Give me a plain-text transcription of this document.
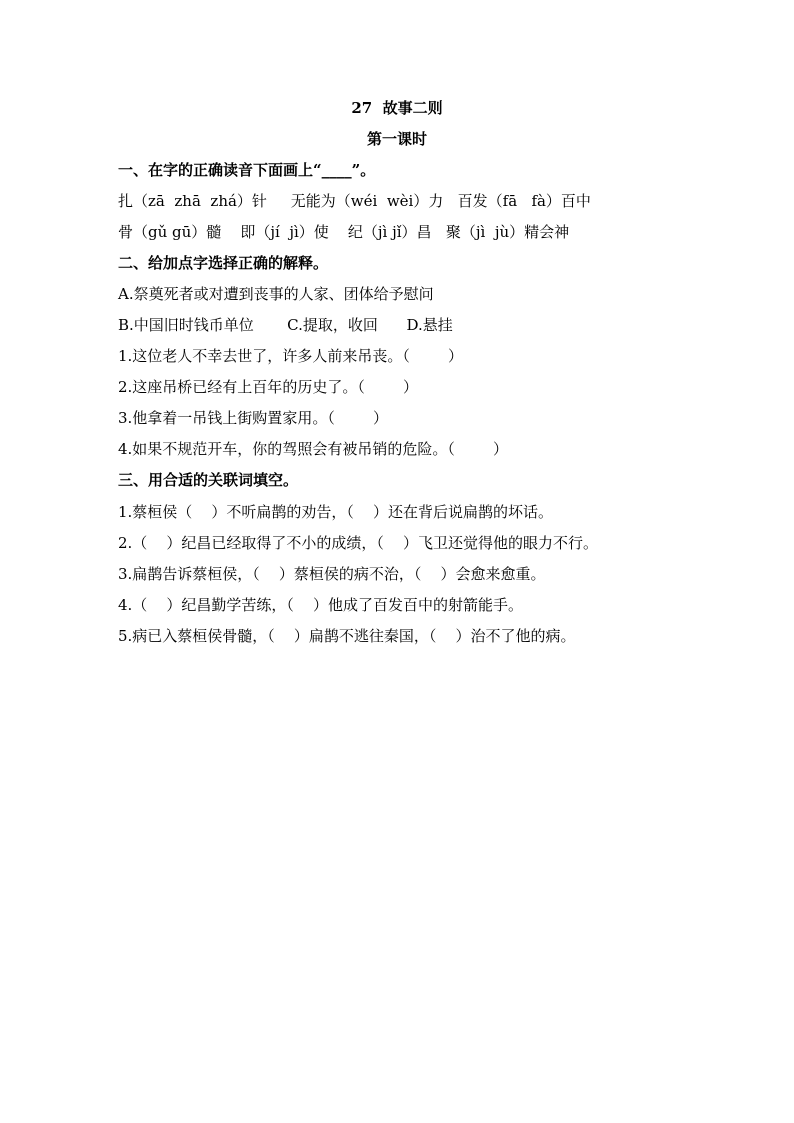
27  故事二则
第一课时
一、在字的正确读音下面画上“____”。
扎（zā  zhā  zhá）针     无能为（wéi  wèi）力   百发（fā   fà）百中
骨（gǔ gū）髓    即（jí  jì）使    纪（jì jǐ）昌   聚（jì  jù）精会神
二、给加点字选择正确的解释。
A.祭奠死者或对遭到丧事的人家、团体给予慰问
B.中国旧时钱币单位       C.提取，收回      D.悬挂
1.这位老人不幸去世了，许多人前来吊丧。（        ）
2.这座吊桥已经有上百年的历史了。（        ）
3.他拿着一吊钱上街购置家用。（        ）
4.如果不规范开车，你的驾照会有被吊销的危险。（        ）
三、用合适的关联词填空。
1.蔡桓侯（    ）不听扁鹊的劝告，（    ）还在背后说扁鹊的坏话。
2.（    ）纪昌已经取得了不小的成绩，（    ）飞卫还觉得他的眼力不行。
3.扁鹊告诉蔡桓侯，（    ）蔡桓侯的病不治，（    ）会愈来愈重。
4.（    ）纪昌勤学苦练，（    ）他成了百发百中的射箭能手。
5.病已入蔡桓侯骨髓，（    ）扁鹊不逃往秦国，（    ）治不了他的病。
